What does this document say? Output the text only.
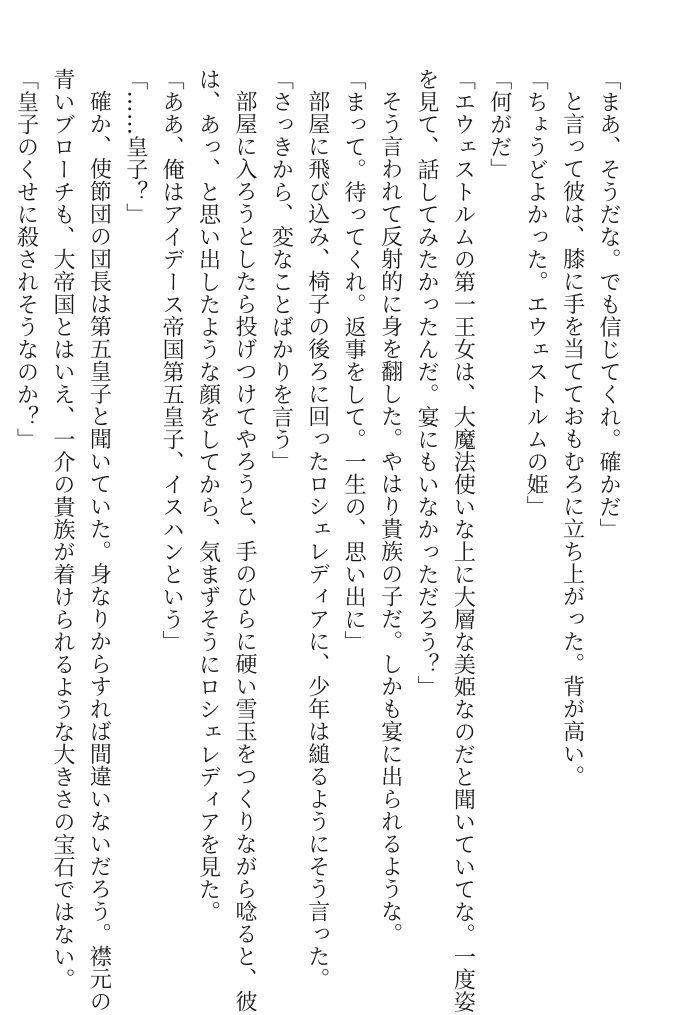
「まあ、そうだな。でも信じてくれ。確かだ」
と言って彼は、膝に手を当てておもむろに立ち上がった。背が高い。
「ちょうどよかった。エウェストルムの姫」
「何がだ」
「エウェストルムの第一王女は、大魔法使いな上に大層な美姫なのだと聞いていてな。一度姿
を見て、話してみたかったんだ。宴にもいなかっただろう？」
そう言われて反射的に身を翻した。やはり貴族の子だ。しかも宴に出られるような。
「まって。待ってくれ。返事をして。一生の、思い出に」
部屋に飛び込み、椅子の後ろに回ったロシェレディアに、少年は縋るようにそう言った。
「さっきから、変なことばかりを言う」
部屋に入ろうとしたら投げつけてやろうと、手のひらに硬い雪玉をつくりながら唸ると、彼
は、あっ、と思い出したような顔をしてから、気まずそうにロシェレディアを見た。
「ああ、俺はアイデース帝国第五皇子、イスハンという」
「……皇子？」
確か、使節団の団長は第五皇子と聞いていた。身なりからすれば間違いないだろう。襟元の
青いブローチも、大帝国とはいえ、一介の貴族が着けられるような大きさの宝石ではない。
「皇子のくせに殺されそうなのか？」
